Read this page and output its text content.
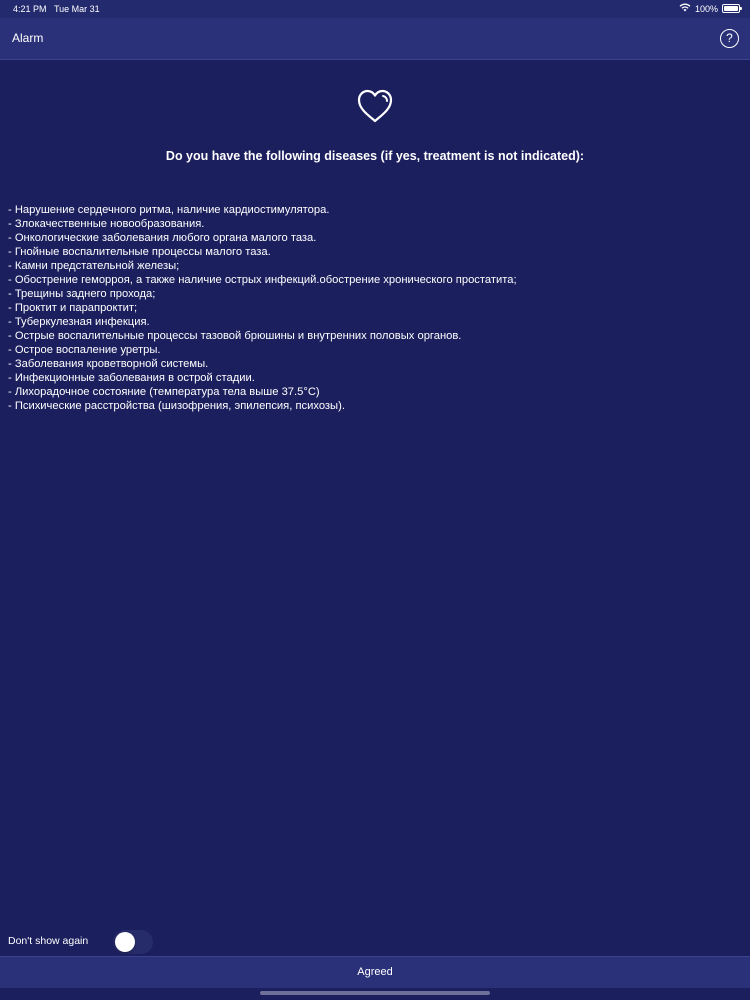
4:21 PM Tue Mar 31	100%
Alarm	?
Do you have the following diseases (if yes, treatment is not indicated):
- Нарушение сердечного ритма, наличие кардиостимулятора.
- Злокачественные новообразования.
- Онкологические заболевания любого органа малого таза.
- Гнойные воспалительные процессы малого таза.
- Камни предстательной железы;
- Обострение геморроя, а также наличие острых инфекций.обострение хронического простатита;
- Трещины заднего прохода;
- Проктит и парапроктит;
- Туберкулезная инфекция.
- Острые воспалительные процессы тазовой брюшины и внутренних половых органов.
- Острое воспаление уретры.
- Заболевания кроветворной системы.
- Инфекционные заболевания в острой стадии.
- Лихорадочное состояние (температура тела выше 37.5°C)
- Психические расстройства (шизофрения, эпилепсия, психозы).
Don't show again
Agreed
